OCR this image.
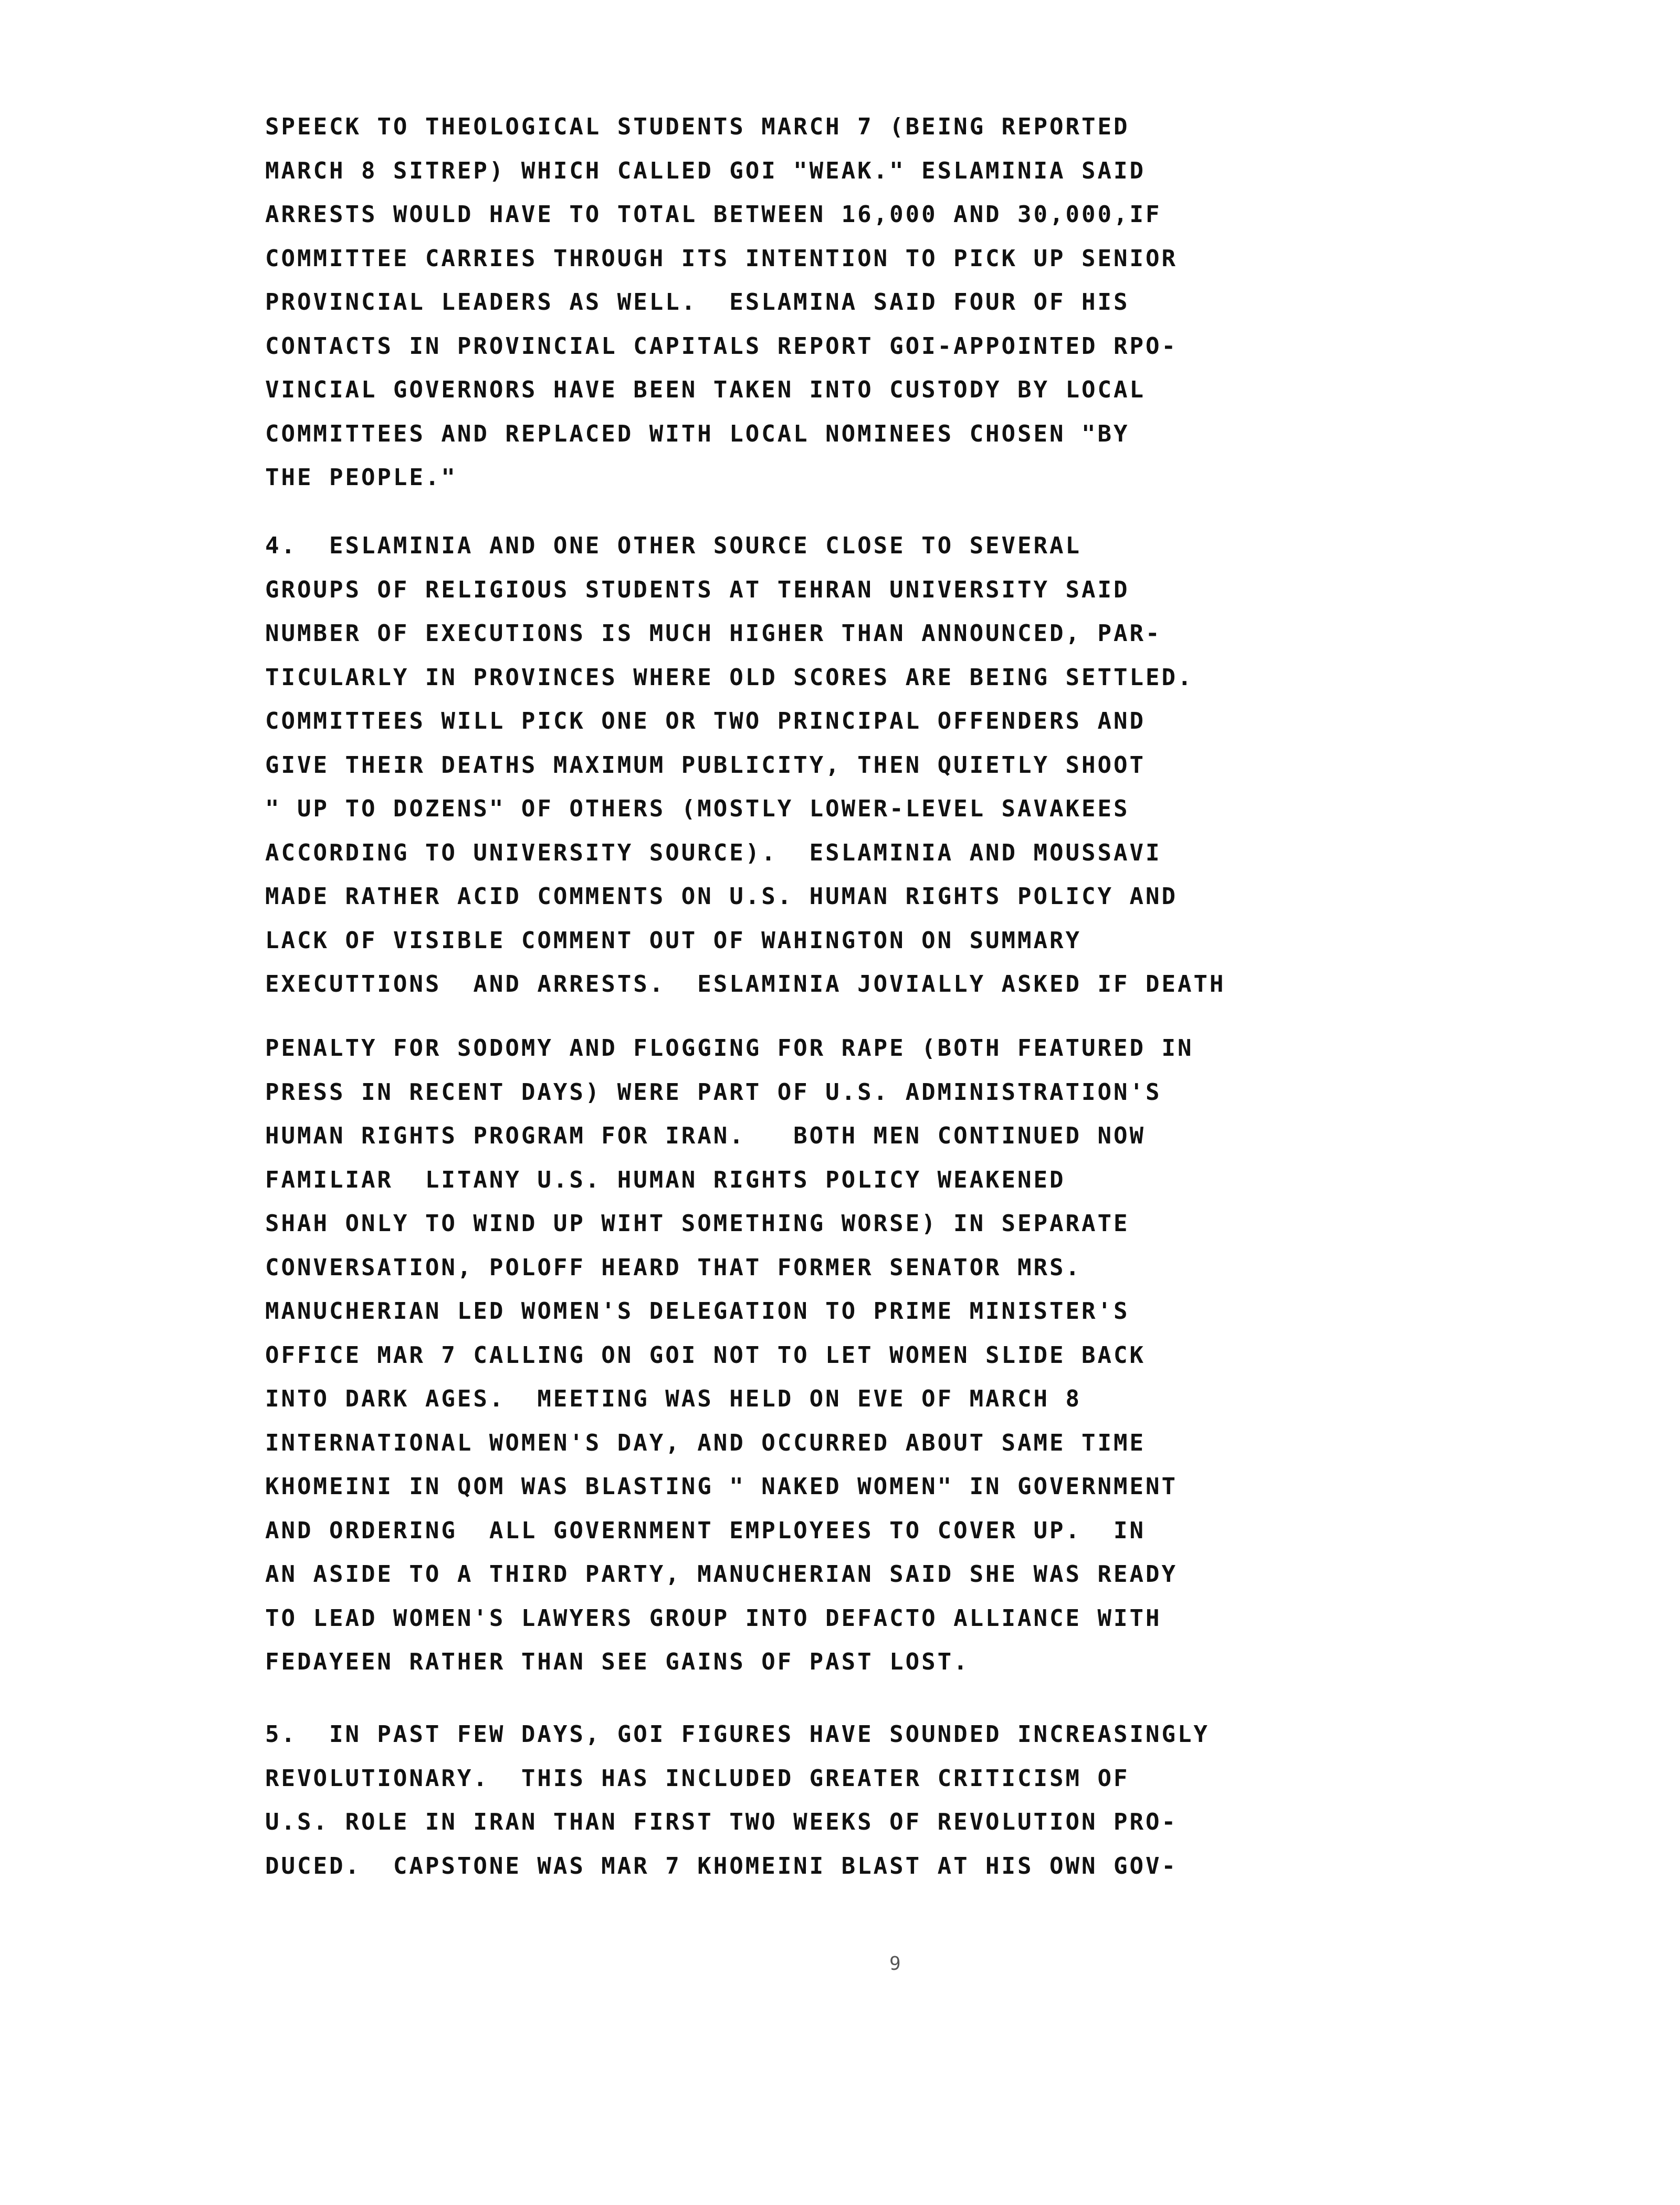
SPEECK TO THEOLOGICAL STUDENTS MARCH 7 (BEING REPORTED
MARCH 8 SITREP) WHICH CALLED GOI "WEAK." ESLAMINIA SAID
ARRESTS WOULD HAVE TO TOTAL BETWEEN 16,000 AND 30,000,IF
COMMITTEE CARRIES THROUGH ITS INTENTION TO PICK UP SENIOR
PROVINCIAL LEADERS AS WELL.  ESLAMINA SAID FOUR OF HIS
CONTACTS IN PROVINCIAL CAPITALS REPORT GOI-APPOINTED RPO-
VINCIAL GOVERNORS HAVE BEEN TAKEN INTO CUSTODY BY LOCAL
COMMITTEES AND REPLACED WITH LOCAL NOMINEES CHOSEN "BY
THE PEOPLE."
4.  ESLAMINIA AND ONE OTHER SOURCE CLOSE TO SEVERAL
GROUPS OF RELIGIOUS STUDENTS AT TEHRAN UNIVERSITY SAID
NUMBER OF EXECUTIONS IS MUCH HIGHER THAN ANNOUNCED, PAR-
TICULARLY IN PROVINCES WHERE OLD SCORES ARE BEING SETTLED.
COMMITTEES WILL PICK ONE OR TWO PRINCIPAL OFFENDERS AND
GIVE THEIR DEATHS MAXIMUM PUBLICITY, THEN QUIETLY SHOOT
" UP TO DOZENS" OF OTHERS (MOSTLY LOWER-LEVEL SAVAKEES
ACCORDING TO UNIVERSITY SOURCE).  ESLAMINIA AND MOUSSAVI
MADE RATHER ACID COMMENTS ON U.S. HUMAN RIGHTS POLICY AND
LACK OF VISIBLE COMMENT OUT OF WAHINGTON ON SUMMARY
EXECUTTIONS  AND ARRESTS.  ESLAMINIA JOVIALLY ASKED IF DEATH
PENALTY FOR SODOMY AND FLOGGING FOR RAPE (BOTH FEATURED IN
PRESS IN RECENT DAYS) WERE PART OF U.S. ADMINISTRATION'S
HUMAN RIGHTS PROGRAM FOR IRAN.   BOTH MEN CONTINUED NOW
FAMILIAR  LITANY U.S. HUMAN RIGHTS POLICY WEAKENED
SHAH ONLY TO WIND UP WIHT SOMETHING WORSE) IN SEPARATE
CONVERSATION, POLOFF HEARD THAT FORMER SENATOR MRS.
MANUCHERIAN LED WOMEN'S DELEGATION TO PRIME MINISTER'S
OFFICE MAR 7 CALLING ON GOI NOT TO LET WOMEN SLIDE BACK
INTO DARK AGES.  MEETING WAS HELD ON EVE OF MARCH 8
INTERNATIONAL WOMEN'S DAY, AND OCCURRED ABOUT SAME TIME
KHOMEINI IN QOM WAS BLASTING " NAKED WOMEN" IN GOVERNMENT
AND ORDERING  ALL GOVERNMENT EMPLOYEES TO COVER UP.  IN
AN ASIDE TO A THIRD PARTY, MANUCHERIAN SAID SHE WAS READY
TO LEAD WOMEN'S LAWYERS GROUP INTO DEFACTO ALLIANCE WITH
FEDAYEEN RATHER THAN SEE GAINS OF PAST LOST.
5.  IN PAST FEW DAYS, GOI FIGURES HAVE SOUNDED INCREASINGLY
REVOLUTIONARY.  THIS HAS INCLUDED GREATER CRITICISM OF
U.S. ROLE IN IRAN THAN FIRST TWO WEEKS OF REVOLUTION PRO-
DUCED.  CAPSTONE WAS MAR 7 KHOMEINI BLAST AT HIS OWN GOV-
9
